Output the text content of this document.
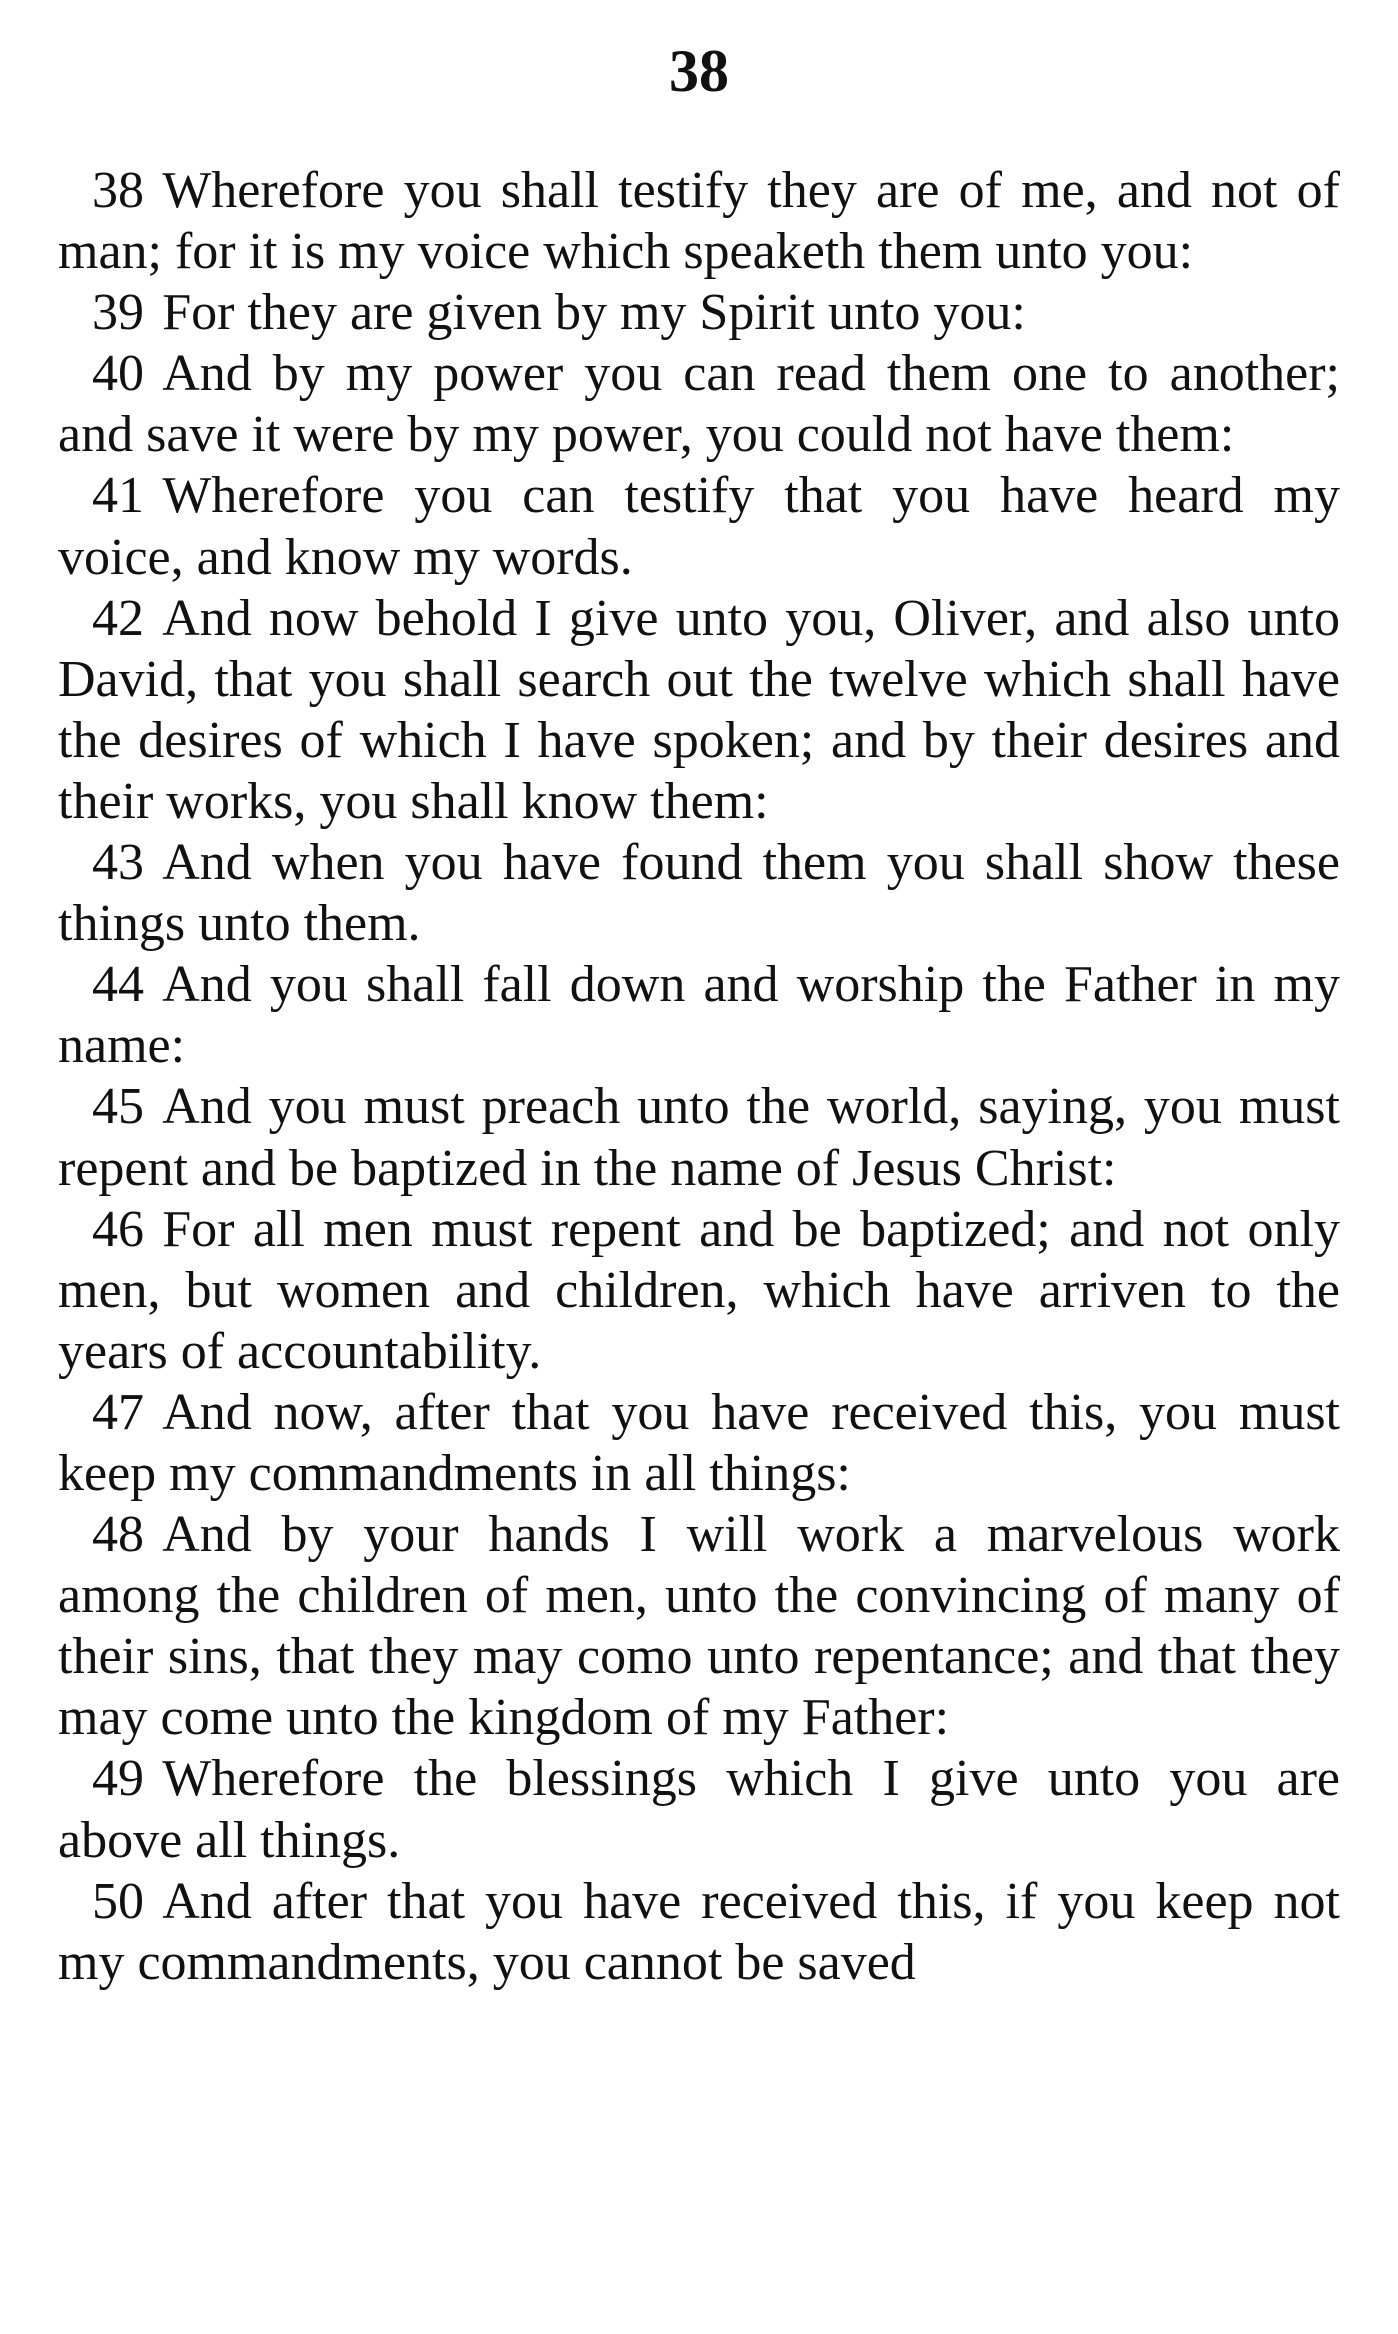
38

38 Wherefore you shall testify they are of me, and not of man; for it is my voice which speaketh them unto you:

39 For they are given by my Spirit unto you:

40 And by my power you can read them one to another; and save it were by my power, you could not have them:

41 Wherefore you can testify that you have heard my voice, and know my words.

42 And now behold I give unto you, Oliver, and also unto David, that you shall search out the twelve which shall have the desires of which I have spoken; and by their desires and their works, you shall know them:

43 And when you have found them you shall show these things unto them.

44 And you shall fall down and worship the Father in my name:

45 And you must preach unto the world, saying, you must repent and be baptized in the name of Jesus Christ:

46 For all men must repent and be baptized; and not only men, but women and children, which have arriven to the years of accountability.

47 And now, after that you have received this, you must keep my commandments in all things:

48 And by your hands I will work a marvelous work among the children of men, unto the convincing of many of their sins, that they may como unto repentance; and that they may come unto the kingdom of my Father:

49 Wherefore the blessings which I give unto you are above all things.

50 And after that you have received this, if you keep not my commandments, you cannot be saved
